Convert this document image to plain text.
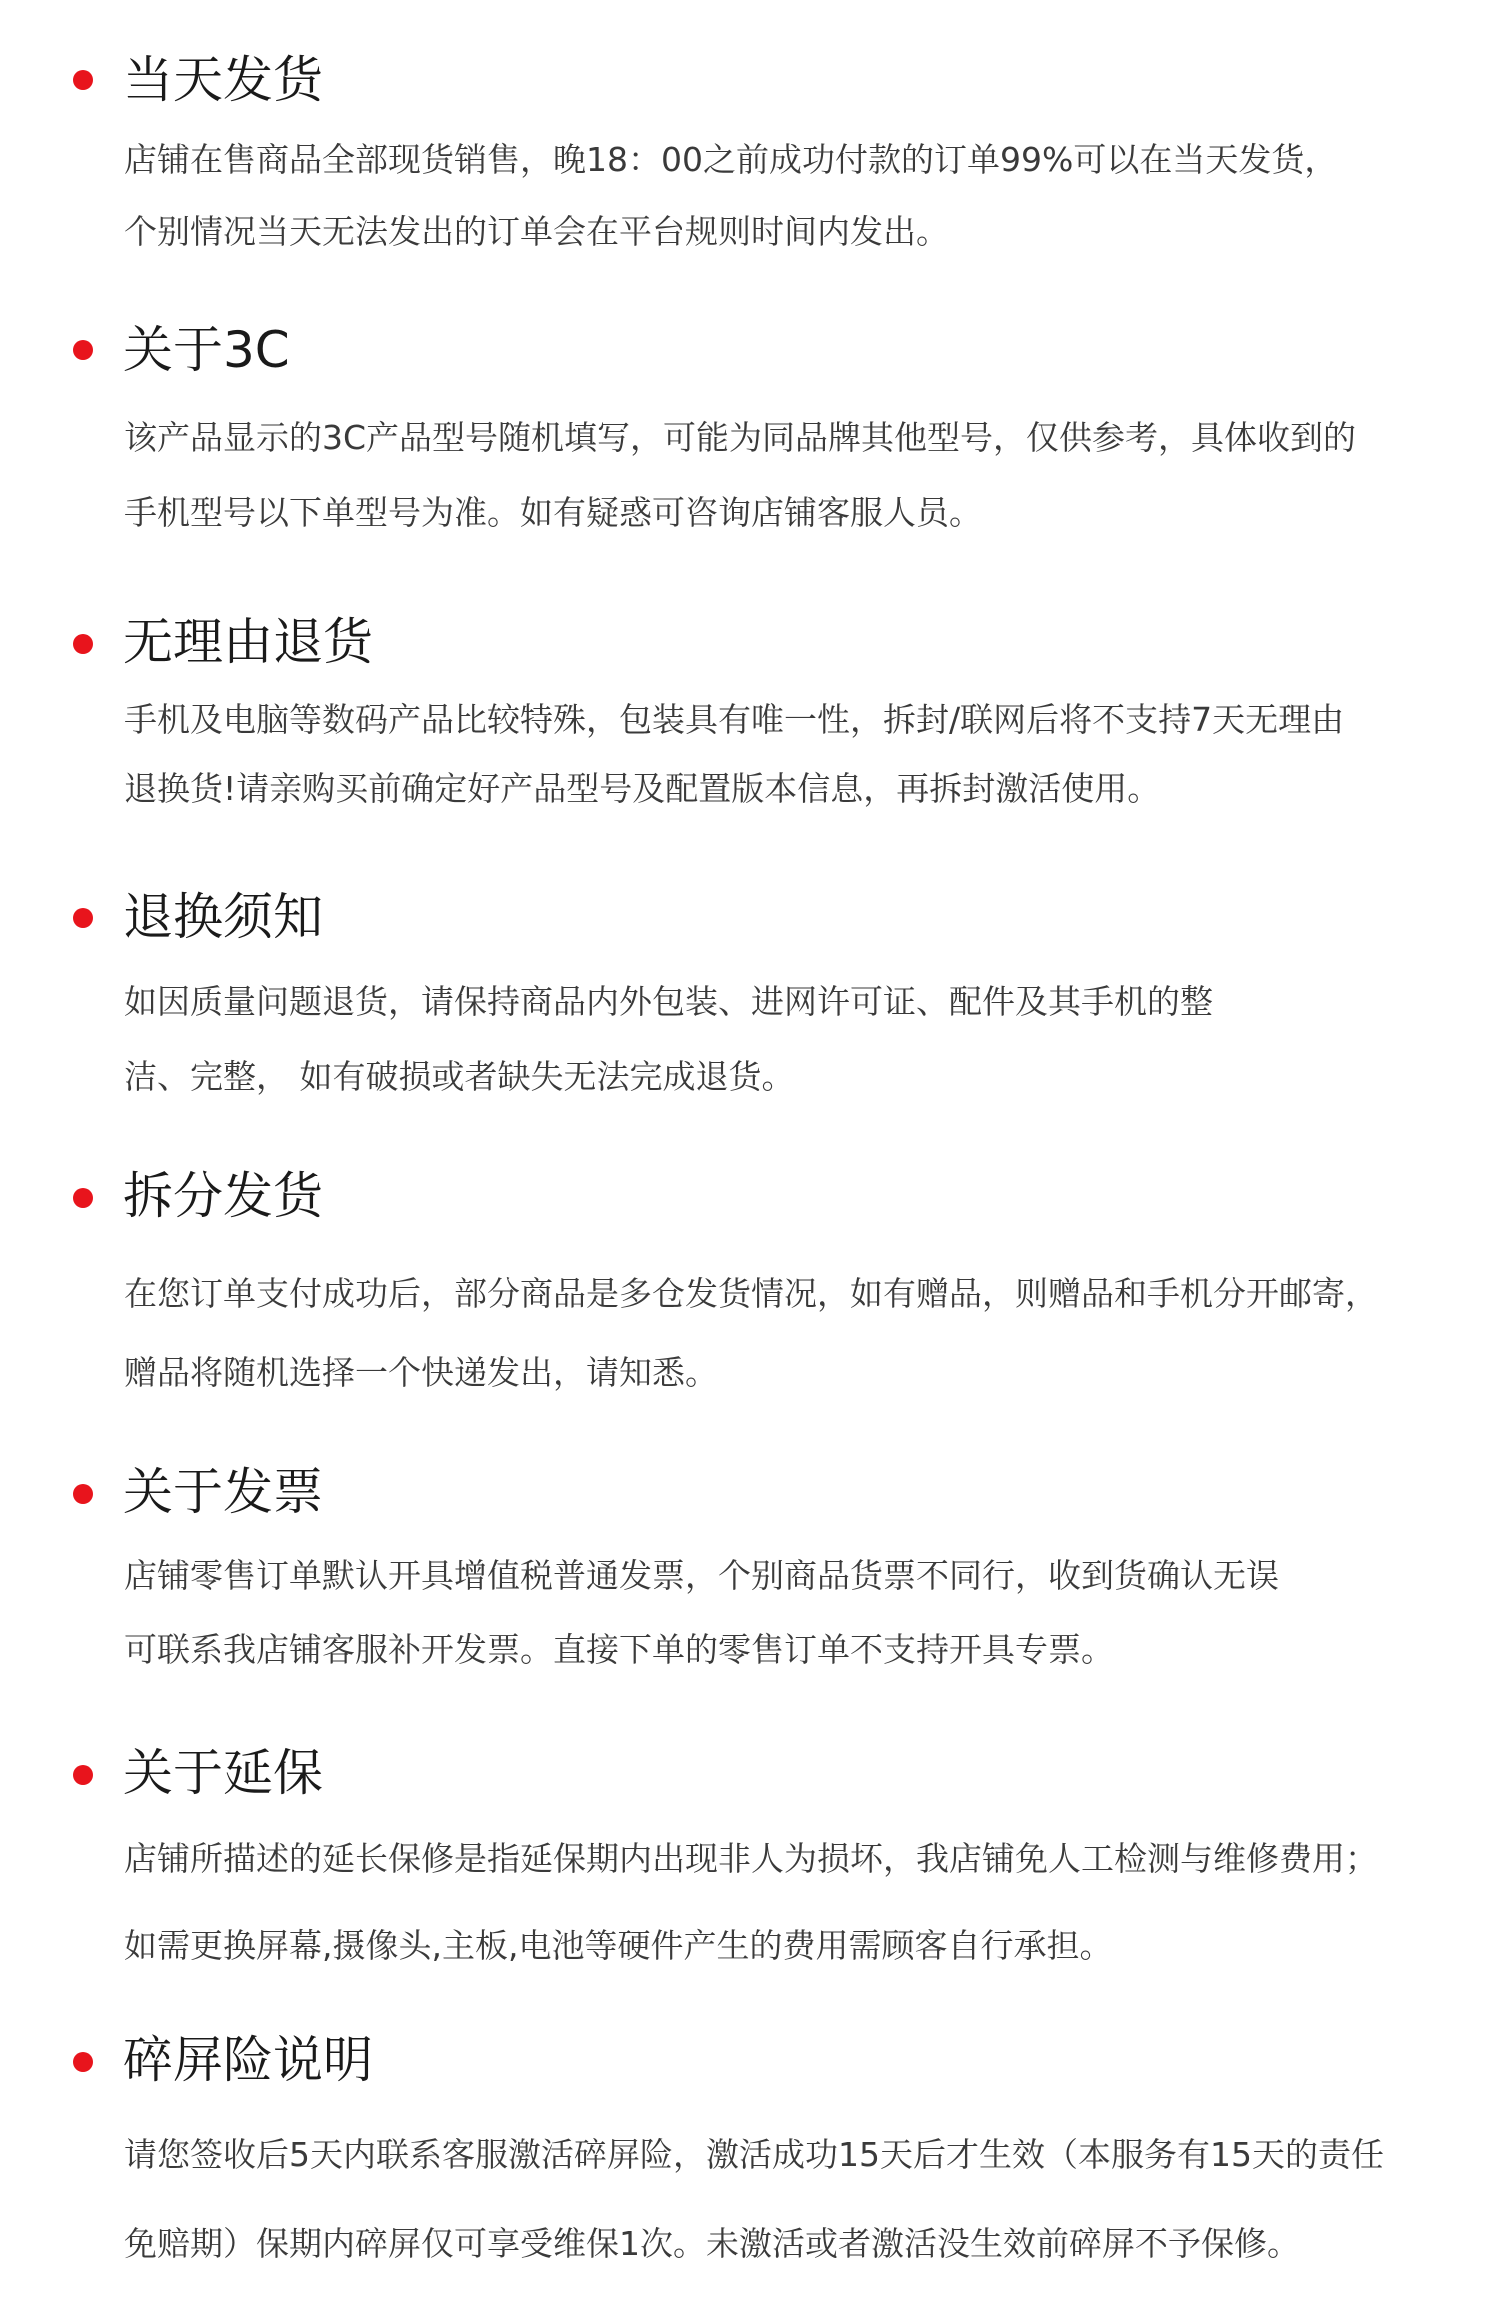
当天发货

店铺在售商品全部现货销售，晚18：00之前成功付款的订单99%可以在当天发货，

个别情况当天无法发出的订单会在平台规则时间内发出。

关于3C

该产品显示的3C产品型号随机填写，可能为同品牌其他型号，仅供参考，具体收到的

手机型号以下单型号为准。如有疑惑可咨询店铺客服人员。

无理由退货

手机及电脑等数码产品比较特殊，包装具有唯一性，拆封/联网后将不支持7天无理由

退换货!请亲购买前确定好产品型号及配置版本信息，再拆封激活使用。

退换须知

如因质量问题退货，请保持商品内外包装、进网许可证、配件及其手机的整

洁、完整， 如有破损或者缺失无法完成退货。

拆分发货

在您订单支付成功后，部分商品是多仓发货情况，如有赠品，则赠品和手机分开邮寄，

赠品将随机选择一个快递发出，请知悉。

关于发票

店铺零售订单默认开具增值税普通发票，个别商品货票不同行，收到货确认无误

可联系我店铺客服补开发票。直接下单的零售订单不支持开具专票。

关于延保

店铺所描述的延长保修是指延保期内出现非人为损坏，我店铺免人工检测与维修费用；

如需更换屏幕,摄像头,主板,电池等硬件产生的费用需顾客自行承担。

碎屏险说明

请您签收后5天内联系客服激活碎屏险，激活成功15天后才生效（本服务有15天的责任

免赔期）保期内碎屏仅可享受维保1次。未激活或者激活没生效前碎屏不予保修。
